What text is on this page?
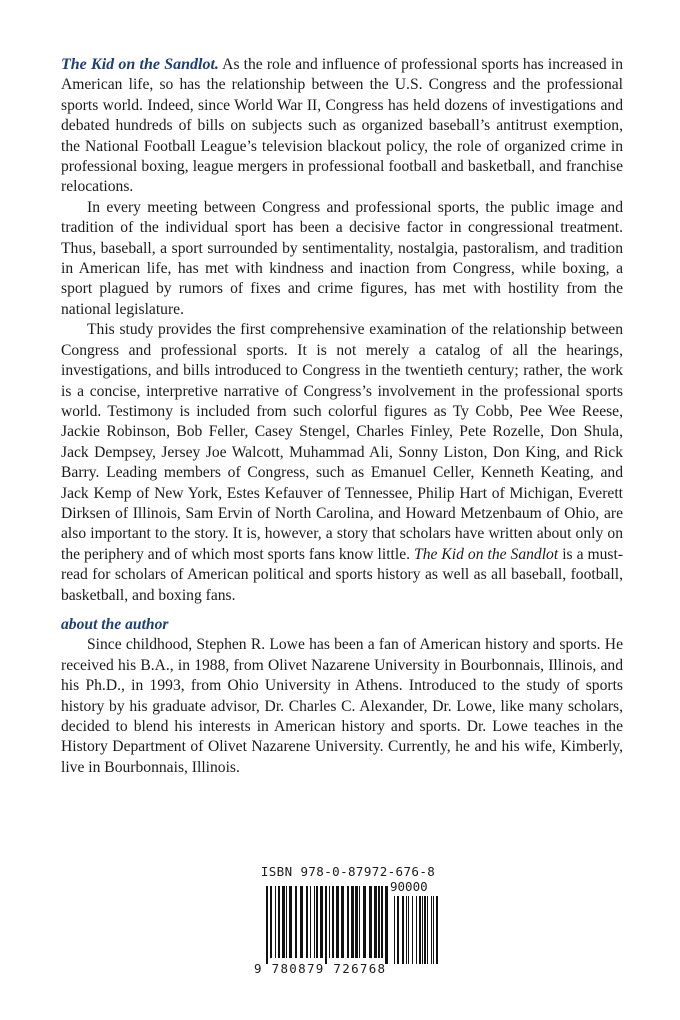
The Kid on the Sandlot. As the role and influence of professional sports has increased in American life, so has the relationship between the U.S. Congress and the professional sports world. Indeed, since World War II, Congress has held dozens of investigations and debated hundreds of bills on subjects such as organized baseball’s antitrust exemption, the National Football League’s television blackout policy, the role of organized crime in professional boxing, league mergers in professional football and basketball, and franchise relocations.

In every meeting between Congress and professional sports, the public image and tradition of the individual sport has been a decisive factor in congressional treatment. Thus, baseball, a sport surrounded by sentimentality, nostalgia, pastoralism, and tradition in American life, has met with kindness and inaction from Congress, while boxing, a sport plagued by rumors of fixes and crime figures, has met with hostility from the national legislature.

This study provides the first comprehensive examination of the relationship between Congress and professional sports. It is not merely a catalog of all the hearings, investigations, and bills introduced to Congress in the twentieth century; rather, the work is a concise, interpretive narrative of Congress’s involvement in the professional sports world. Testimony is included from such colorful figures as Ty Cobb, Pee Wee Reese, Jackie Robinson, Bob Feller, Casey Stengel, Charles Finley, Pete Rozelle, Don Shula, Jack Dempsey, Jersey Joe Walcott, Muhammad Ali, Sonny Liston, Don King, and Rick Barry. Leading members of Congress, such as Emanuel Celler, Kenneth Keating, and Jack Kemp of New York, Estes Kefauver of Tennessee, Philip Hart of Michigan, Everett Dirksen of Illinois, Sam Ervin of North Carolina, and Howard Metzenbaum of Ohio, are also important to the story. It is, however, a story that scholars have written about only on the periphery and of which most sports fans know little. The Kid on the Sandlot is a must-read for scholars of American political and sports history as well as all baseball, football, basketball, and boxing fans.

about the author

Since childhood, Stephen R. Lowe has been a fan of American history and sports. He received his B.A., in 1988, from Olivet Nazarene University in Bourbonnais, Illinois, and his Ph.D., in 1993, from Ohio University in Athens. Introduced to the study of sports history by his graduate advisor, Dr. Charles C. Alexander, Dr. Lowe, like many scholars, decided to blend his interests in American history and sports. Dr. Lowe teaches in the History Department of Olivet Nazarene University. Currently, he and his wife, Kimberly, live in Bourbonnais, Illinois.

ISBN 978-0-87972-676-8
90000
9 780879 726768
